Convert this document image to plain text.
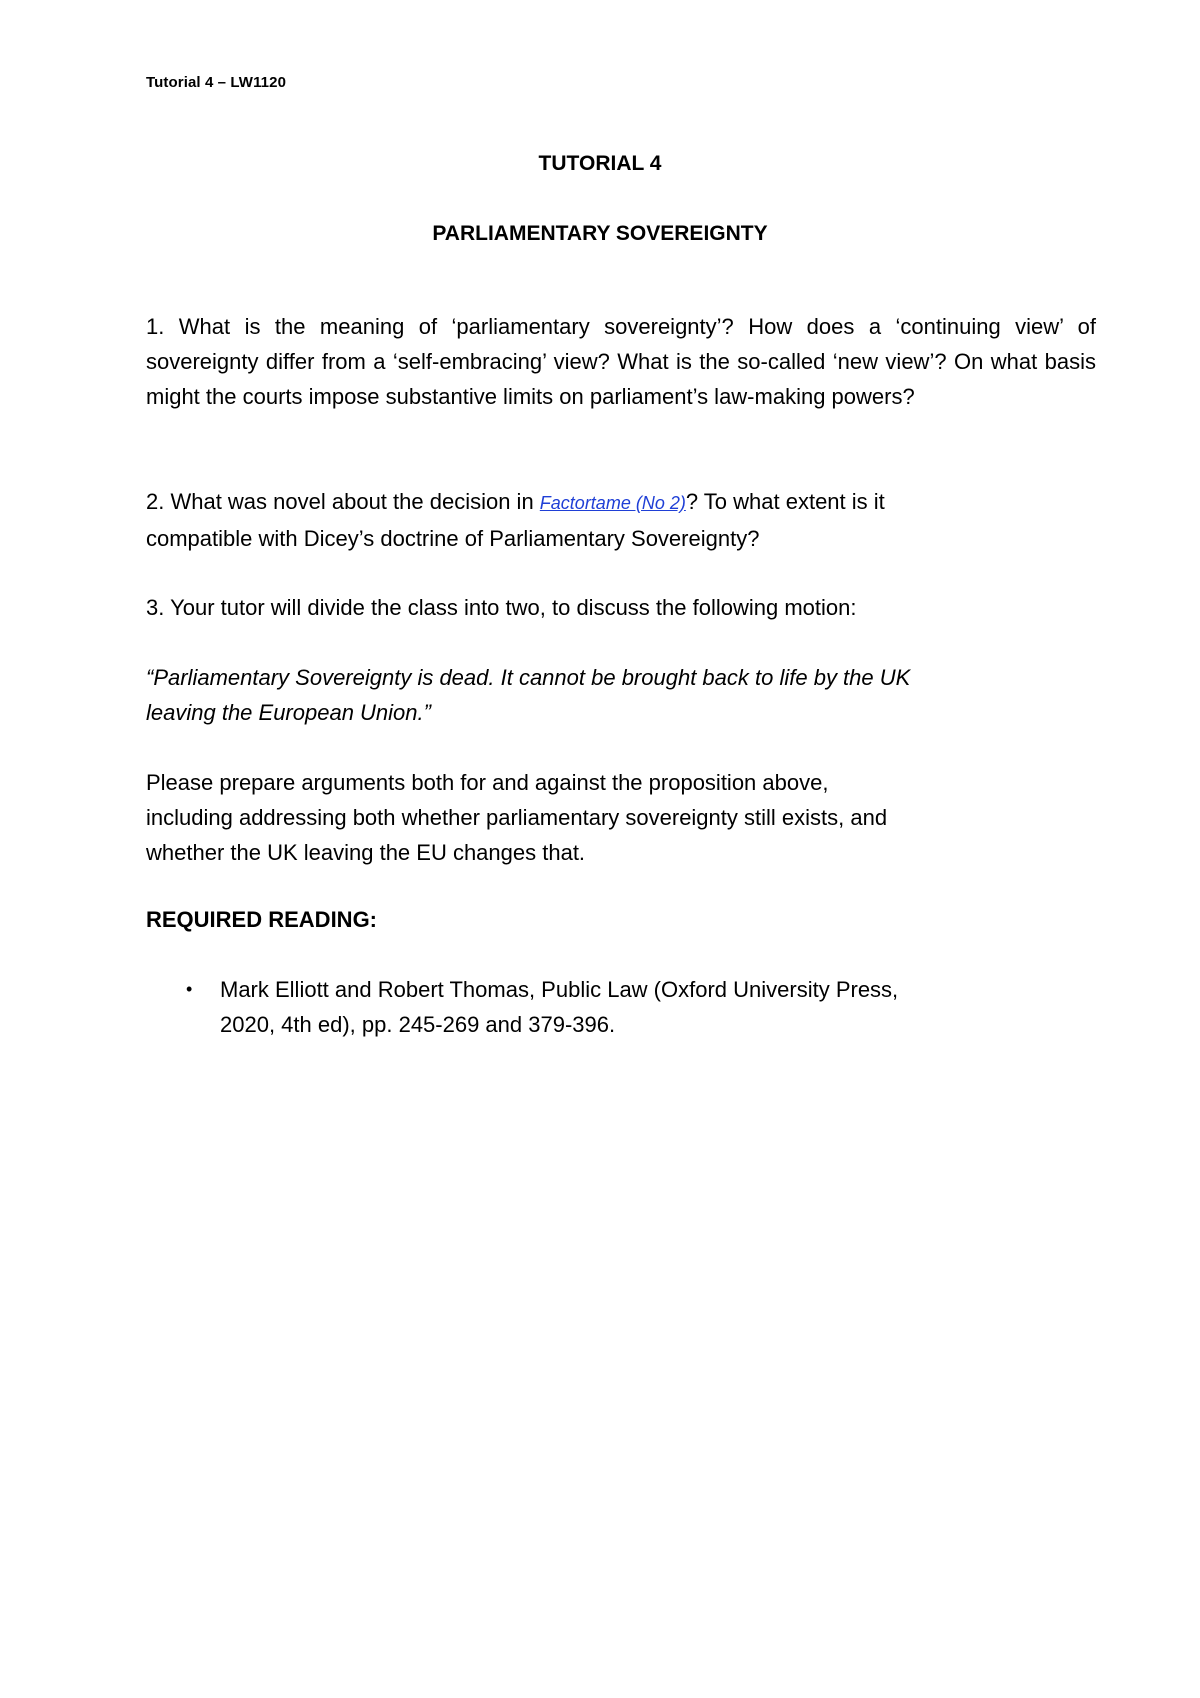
Tutorial 4 – LW1120
TUTORIAL 4
PARLIAMENTARY SOVEREIGNTY
1. What is the meaning of ‘parliamentary sovereignty’? How does a ‘continuing view’ of sovereignty differ from a ‘self-embracing’ view? What is the so-called ‘new view’? On what basis might the courts impose substantive limits on parliament’s law-making powers?
2. What was novel about the decision in Factortame (No 2)? To what extent is it compatible with Dicey’s doctrine of Parliamentary Sovereignty?
3. Your tutor will divide the class into two, to discuss the following motion:
“Parliamentary Sovereignty is dead. It cannot be brought back to life by the UK
leaving the European Union.”
Please prepare arguments both for and against the proposition above,
including addressing both whether parliamentary sovereignty still exists, and
whether the UK leaving the EU changes that.
REQUIRED READING:
• Mark Elliott and Robert Thomas, Public Law (Oxford University Press,
2020, 4th ed), pp. 245-269 and 379-396.
